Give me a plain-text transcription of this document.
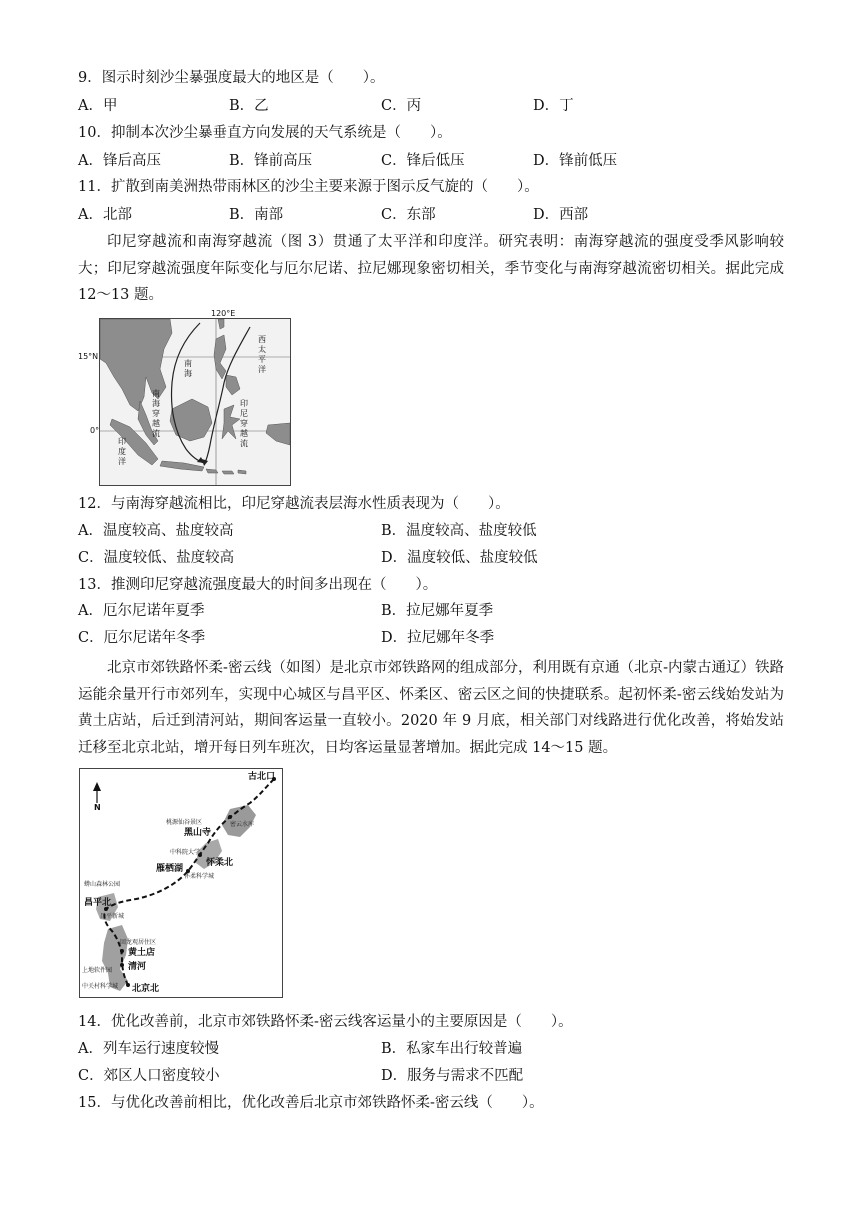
9．图示时刻沙尘暴强度最大的地区是（　　）。
A．甲	B．乙	C．丙	D．丁
10．抑制本次沙尘暴垂直方向发展的天气系统是（　　）。
A．锋后高压	B．锋前高压	C．锋后低压	D．锋前低压
11．扩散到南美洲热带雨林区的沙尘主要来源于图示反气旋的（　　）。
A．北部	B．南部	C．东部	D．西部
印尼穿越流和南海穿越流（图 3）贯通了太平洋和印度洋。研究表明：南海穿越流的强度受季风影响较大；印尼穿越流强度年际变化与厄尔尼诺、拉尼娜现象密切相关，季节变化与南海穿越流密切相关。据此完成 12～13 题。
南海
南海穿越流
西太平洋
印尼穿越流
印度洋
120°E
15°N
0°
12．与南海穿越流相比，印尼穿越流表层海水性质表现为（　　）。
A．温度较高、盐度较高	B．温度较高、盐度较低
C．温度较低、盐度较高	D．温度较低、盐度较低
13．推测印尼穿越流强度最大的时间多出现在（　　）。
A．厄尔尼诺年夏季	B．拉尼娜年夏季
C．厄尔尼诺年冬季	D．拉尼娜年冬季
北京市郊铁路怀柔-密云线（如图）是北京市郊铁路网的组成部分，利用既有京通（北京-内蒙古通辽）铁路运能余量开行市郊列车，实现中心城区与昌平区、怀柔区、密云区之间的快捷联系。起初怀柔-密云线始发站为黄土店站，后迁到清河站，期间客运量一直较小。2020 年 9 月底，相关部门对线路进行优化改善，将始发站迁移至北京北站，增开每日列车班次，日均客运量显著增加。据此完成 14～15 题。
N
古北口
黑山寺
雁栖湖
怀柔北
昌平北
黄土店
清河
北京北
桃源仙谷景区	密云水库
中科院大学
怀柔科学城
蟒山森林公园
昌平新城
回龙观居住区
上地软件园
中关村科学城
14．优化改善前，北京市郊铁路怀柔-密云线客运量小的主要原因是（　　）。
A．列车运行速度较慢	B．私家车出行较普遍
C．郊区人口密度较小	D．服务与需求不匹配
15．与优化改善前相比，优化改善后北京市郊铁路怀柔-密云线（　　）。
